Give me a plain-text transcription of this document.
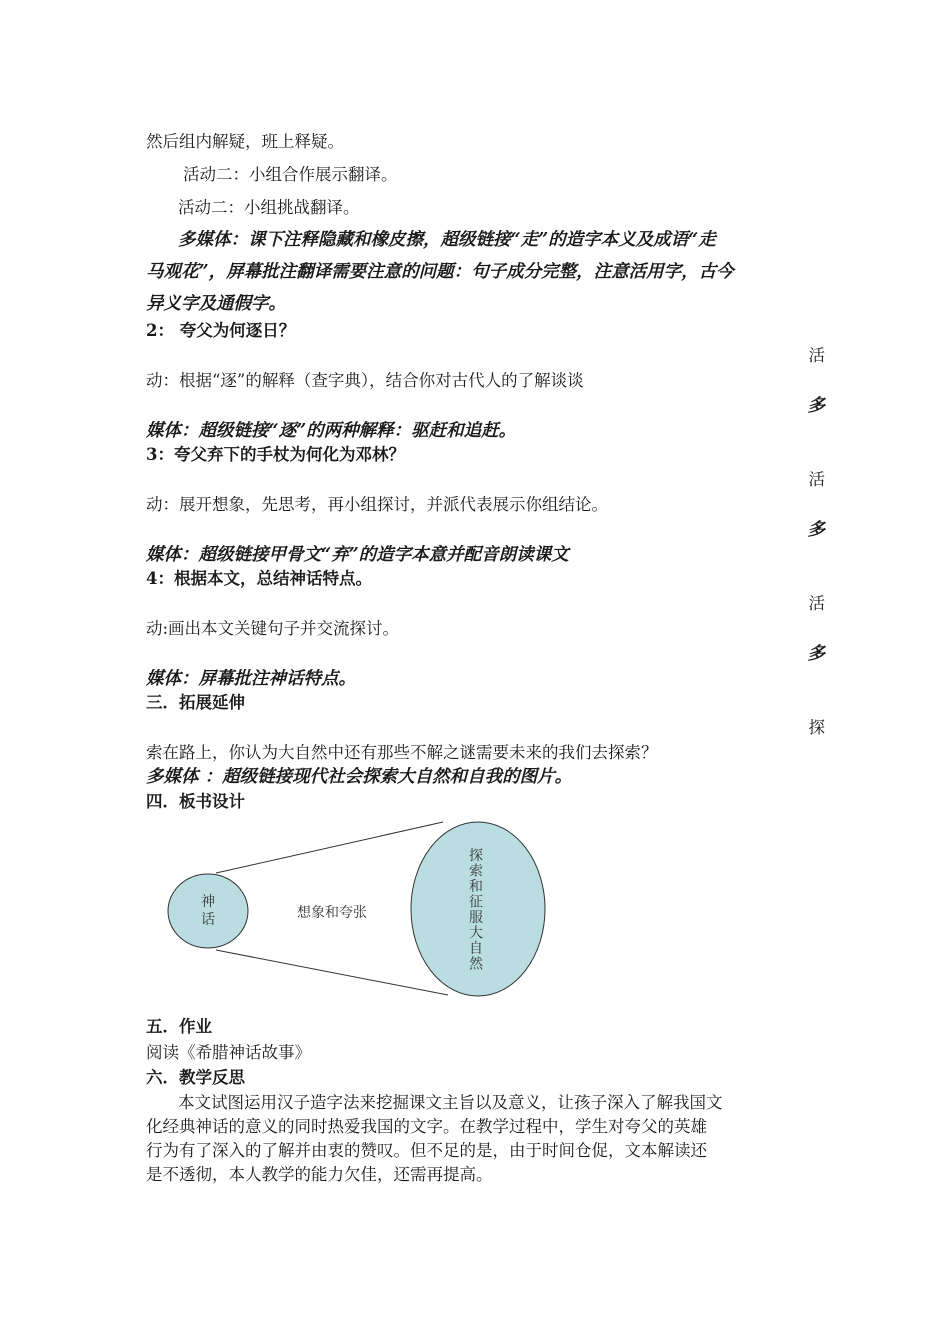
然后组内解疑，班上释疑。
活动二：小组合作展示翻译。
活动二：小组挑战翻译。
多媒体：课下注释隐藏和橡皮擦，超级链接“走”的造字本义及成语“走
马观花”，屏幕批注翻译需要注意的问题：句子成分完整，注意活用字，古今
异义字及通假字。
2： 夸父为何逐日？
活
动：根据“逐”的解释（查字典），结合你对古代人的了解谈谈
多
媒体：超级链接“逐”的两种解释：驱赶和追赶。
3：夸父弃下的手杖为何化为邓林？
活
动：展开想象，先思考，再小组探讨，并派代表展示你组结论。
多
媒体：超级链接甲骨文“弃”的造字本意并配音朗读课文
4：根据本文，总结神话特点。
活
动:画出本文关键句子并交流探讨。
多
媒体：屏幕批注神话特点。
三．拓展延伸
探
索在路上，你认为大自然中还有那些不解之谜需要未来的我们去探索？
多媒体 ：超级链接现代社会探索大自然和自我的图片。
四．板书设计
神
话	想象和夸张
探
索
和
征
服
大
自
然
五．作业
阅读《希腊神话故事》
六．教学反思
本文试图运用汉子造字法来挖掘课文主旨以及意义，让孩子深入了解我国文
化经典神话的意义的同时热爱我国的文字。在教学过程中，学生对夸父的英雄
行为有了深入的了解并由衷的赞叹。但不足的是，由于时间仓促，文本解读还
是不透彻，本人教学的能力欠佳，还需再提高。
